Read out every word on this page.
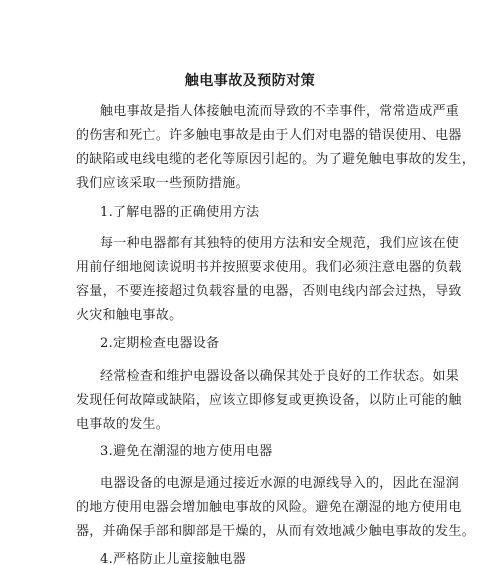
触电事故及预防对策
触电事故是指人体接触电流而导致的不幸事件，常常造成严重
的伤害和死亡。许多触电事故是由于人们对电器的错误使用、电器
的缺陷或电线电缆的老化等原因引起的。为了避免触电事故的发生，
我们应该采取一些预防措施。
1.了解电器的正确使用方法
每一种电器都有其独特的使用方法和安全规范，我们应该在使
用前仔细地阅读说明书并按照要求使用。我们必须注意电器的负载
容量，不要连接超过负载容量的电器，否则电线内部会过热，导致
火灾和触电事故。
2.定期检查电器设备
经常检查和维护电器设备以确保其处于良好的工作状态。如果
发现任何故障或缺陷，应该立即修复或更换设备，以防止可能的触
电事故的发生。
3.避免在潮湿的地方使用电器
电器设备的电源是通过接近水源的电源线导入的，因此在湿润
的地方使用电器会增加触电事故的风险。避免在潮湿的地方使用电
器，并确保手部和脚部是干燥的，从而有效地减少触电事故的发生。
4.严格防止儿童接触电器
